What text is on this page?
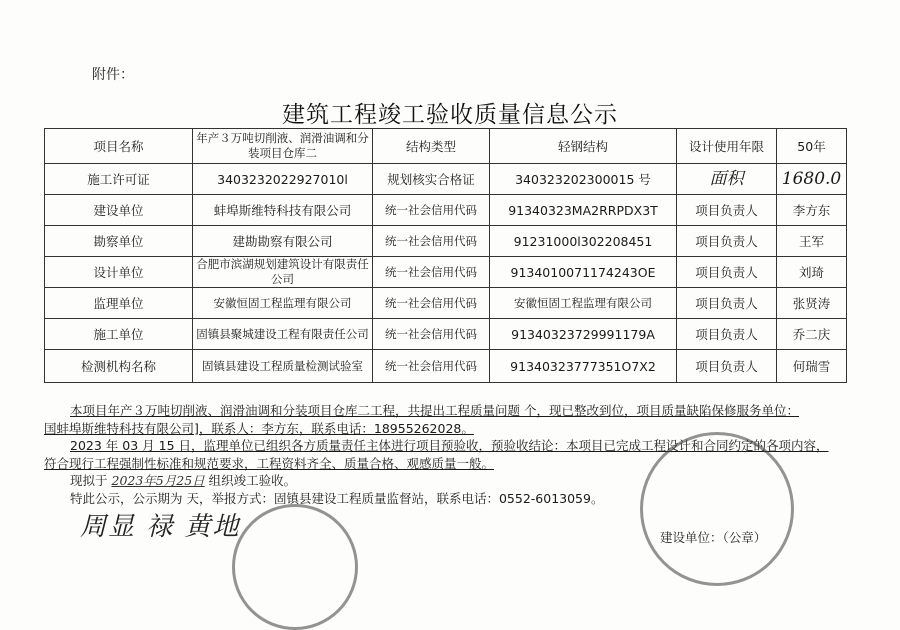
附件：
建筑工程竣工验收质量信息公示
项目名称	年产３万吨切削液、润滑油调和分装项目仓库二	结构类型	轻钢结构	设计使用年限	50年
施工许可证	3403232022927010l	规划核实合格证	340323202300015 号	面积	1680.0
建设单位	蚌埠斯维特科技有限公司	统一社会信用代码	91340323MA2RRPDX3T	项目负责人	李方东
勘察单位	建勘勘察有限公司	统一社会信用代码	91231000l302208451	项目负责人	王军
设计单位	合肥市滨湖规划建筑设计有限责任公司	统一社会信用代码	9134010071174243OE	项目负责人	刘琦
监理单位	安徽恒固工程监理有限公司	统一社会信用代码	安徽恒固工程监理有限公司	项目负责人	张贤涛
施工单位	固镇县聚城建设工程有限责任公司	统一社会信用代码	91340323729991179A	项目负责人	乔二庆
检测机构名称	固镇县建设工程质量检测试验室	统一社会信用代码	91340323777351O7X2	项目负责人	何瑞雪
本项目年产３万吨切削液、润滑油调和分装项目仓库二工程，共提出工程质量问题 个，现已整改到位，项目质量缺陷保修服务单位：
国蚌埠斯维特科技有限公司]，联系人：李方东，联系电话：18955262028。
2023 年 03 月 15 日，监理单位已组织各方质量责任主体进行项目预验收，预验收结论：本项目已完成工程设计和合同约定的各项内容，
符合现行工程强制性标准和规范要求，工程资料齐全、质量合格、观感质量一般。
现拟于 2023年5月25日 组织竣工验收。
特此公示，公示期为 天，举报方式：固镇县建设工程质量监督站，联系电话：0552-6013059。
周显 禄 黄地	建设单位：（公章）
